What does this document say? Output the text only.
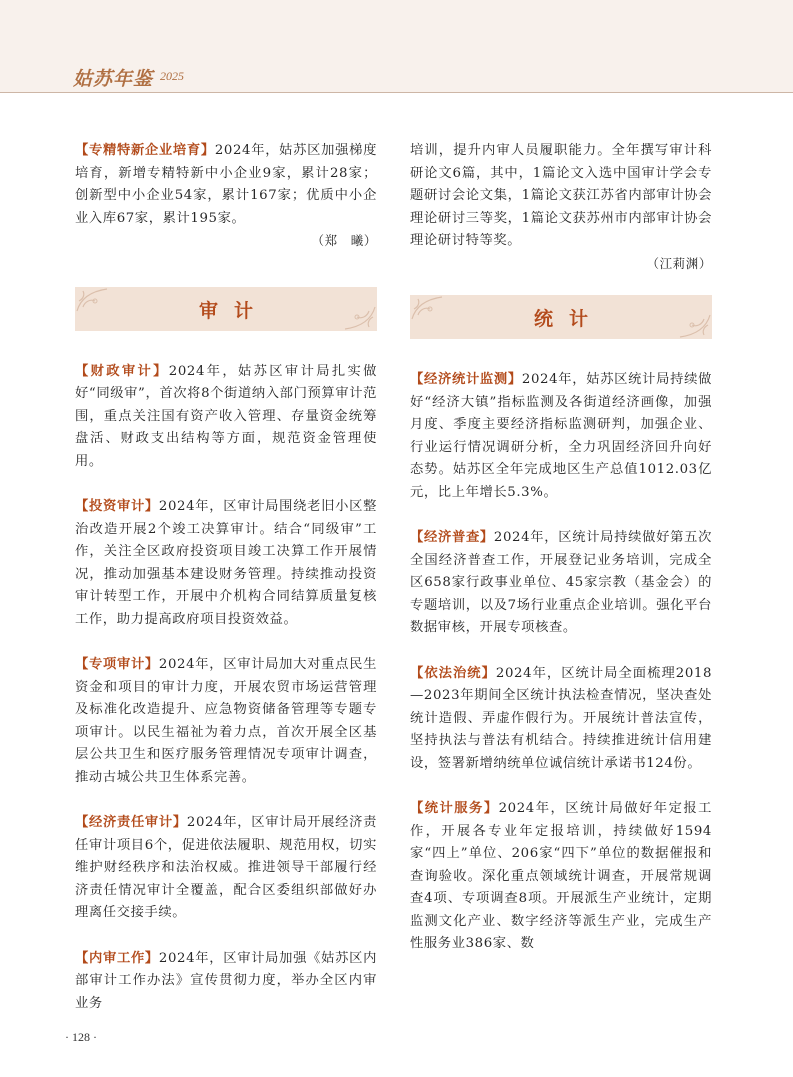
姑苏年鉴 2025

【专精特新企业培育】2024年，姑苏区加强梯度培育，新增专精特新中小企业9家，累计28家；创新型中小企业54家，累计167家；优质中小企业入库67家，累计195家。
（郑　曦）

审计

【财政审计】2024年，姑苏区审计局扎实做好“同级审”，首次将8个街道纳入部门预算审计范围，重点关注国有资产收入管理、存量资金统筹盘活、财政支出结构等方面，规范资金管理使用。

【投资审计】2024年，区审计局围绕老旧小区整治改造开展2个竣工决算审计。结合“同级审”工作，关注全区政府投资项目竣工决算工作开展情况，推动加强基本建设财务管理。持续推动投资审计转型工作，开展中介机构合同结算质量复核工作，助力提高政府项目投资效益。

【专项审计】2024年，区审计局加大对重点民生资金和项目的审计力度，开展农贸市场运营管理及标准化改造提升、应急物资储备管理等专题专项审计。以民生福祉为着力点，首次开展全区基层公共卫生和医疗服务管理情况专项审计调查，推动古城公共卫生体系完善。

【经济责任审计】2024年，区审计局开展经济责任审计项目6个，促进依法履职、规范用权，切实维护财经秩序和法治权威。推进领导干部履行经济责任情况审计全覆盖，配合区委组织部做好办理离任交接手续。

【内审工作】2024年，区审计局加强《姑苏区内部审计工作办法》宣传贯彻力度，举办全区内审业务

培训，提升内审人员履职能力。全年撰写审计科研论文6篇，其中，1篇论文入选中国审计学会专题研讨会论文集，1篇论文获江苏省内部审计协会理论研讨三等奖，1篇论文获苏州市内部审计协会理论研讨特等奖。
（江莉渊）

统计

【经济统计监测】2024年，姑苏区统计局持续做好“经济大镇”指标监测及各街道经济画像，加强月度、季度主要经济指标监测研判，加强企业、行业运行情况调研分析，全力巩固经济回升向好态势。姑苏区全年完成地区生产总值1012.03亿元，比上年增长5.3%。

【经济普查】2024年，区统计局持续做好第五次全国经济普查工作，开展登记业务培训，完成全区658家行政事业单位、45家宗教（基金会）的专题培训，以及7场行业重点企业培训。强化平台数据审核，开展专项核查。

【依法治统】2024年，区统计局全面梳理2018—2023年期间全区统计执法检查情况，坚决查处统计造假、弄虚作假行为。开展统计普法宣传，坚持执法与普法有机结合。持续推进统计信用建设，签署新增纳统单位诚信统计承诺书124份。

【统计服务】2024年，区统计局做好年定报工作，开展各专业年定报培训，持续做好1594家“四上”单位、206家“四下”单位的数据催报和查询验收。深化重点领域统计调查，开展常规调查4项、专项调查8项。开展派生产业统计，定期监测文化产业、数字经济等派生产业，完成生产性服务业386家、数

· 128 ·
